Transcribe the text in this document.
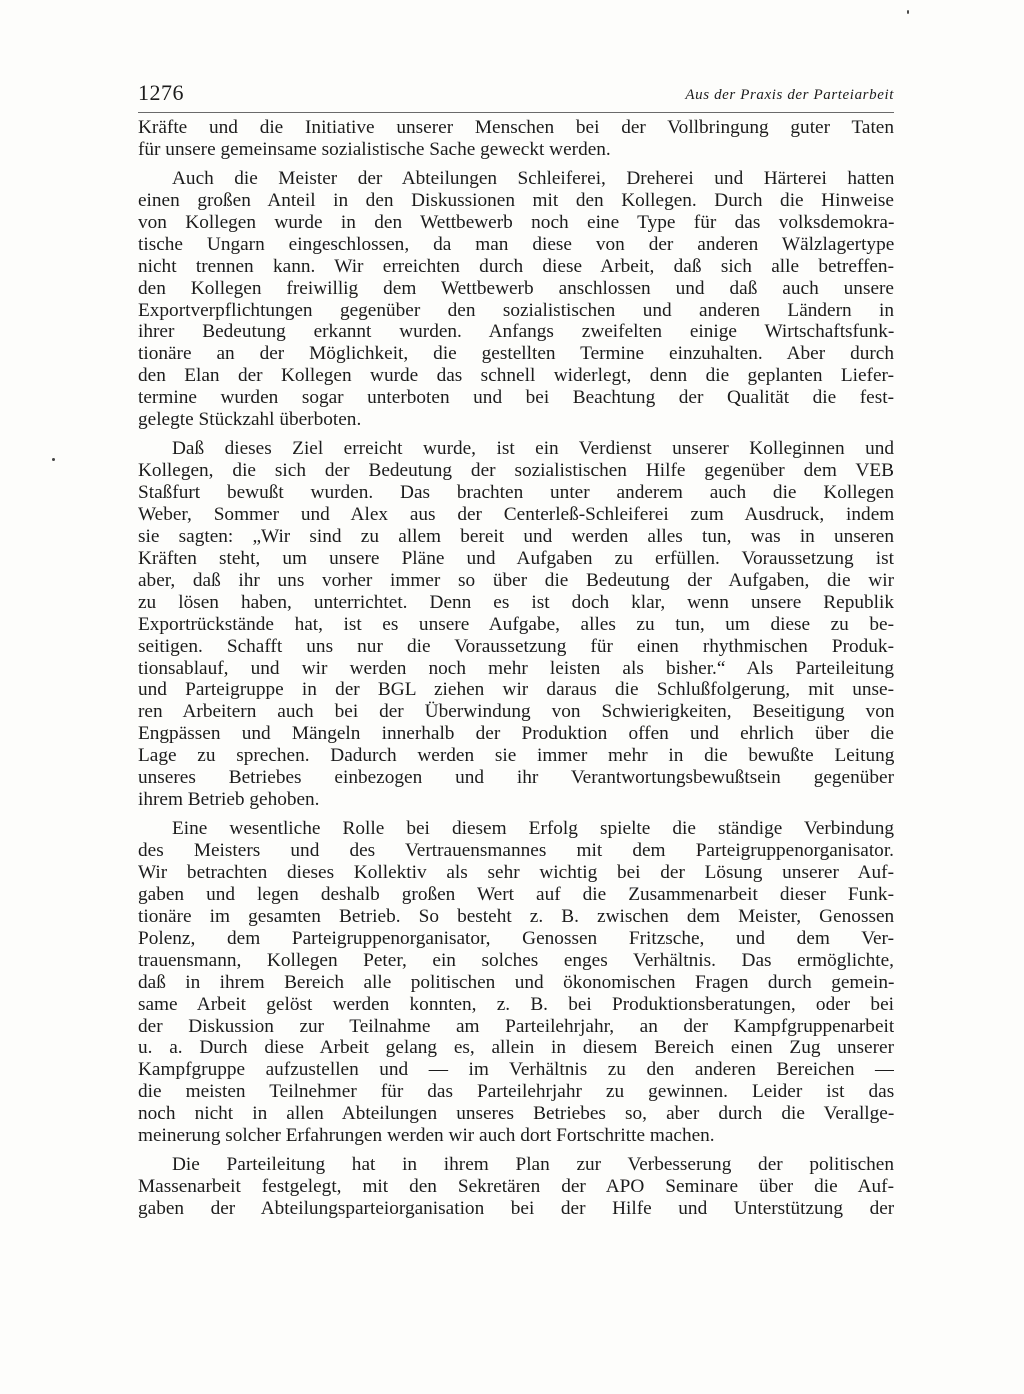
1276	Aus der Praxis der Parteiarbeit
Kräfte und die Initiative unserer Menschen bei der Vollbringung guter Taten
für unsere gemeinsame sozialistische Sache geweckt werden.
Auch die Meister der Abteilungen Schleiferei, Dreherei und Härterei hatten
einen großen Anteil in den Diskussionen mit den Kollegen. Durch die Hinweise
von Kollegen wurde in den Wettbewerb noch eine Type für das volksdemokra-
tische Ungarn eingeschlossen, da man diese von der anderen Wälzlagertype
nicht trennen kann. Wir erreichten durch diese Arbeit, daß sich alle betreffen-
den Kollegen freiwillig dem Wettbewerb anschlossen und daß auch unsere
Exportverpflichtungen gegenüber den sozialistischen und anderen Ländern in
ihrer Bedeutung erkannt wurden. Anfangs zweifelten einige Wirtschaftsfunk-
tionäre an der Möglichkeit, die gestellten Termine einzuhalten. Aber durch
den Elan der Kollegen wurde das schnell widerlegt, denn die geplanten Liefer-
termine wurden sogar unterboten und bei Beachtung der Qualität die fest-
gelegte Stückzahl überboten.
Daß dieses Ziel erreicht wurde, ist ein Verdienst unserer Kolleginnen und
Kollegen, die sich der Bedeutung der sozialistischen Hilfe gegenüber dem VEB
Staßfurt bewußt wurden. Das brachten unter anderem auch die Kollegen
Weber, Sommer und Alex aus der Centerleß-Schleiferei zum Ausdruck, indem
sie sagten: „Wir sind zu allem bereit und werden alles tun, was in unseren
Kräften steht, um unsere Pläne und Aufgaben zu erfüllen. Voraussetzung ist
aber, daß ihr uns vorher immer so über die Bedeutung der Aufgaben, die wir
zu lösen haben, unterrichtet. Denn es ist doch klar, wenn unsere Republik
Exportrückstände hat, ist es unsere Aufgabe, alles zu tun, um diese zu be-
seitigen. Schafft uns nur die Voraussetzung für einen rhythmischen Produk-
tionsablauf, und wir werden noch mehr leisten als bisher.“ Als Parteileitung
und Parteigruppe in der BGL ziehen wir daraus die Schlußfolgerung, mit unse-
ren Arbeitern auch bei der Überwindung von Schwierigkeiten, Beseitigung von
Engpässen und Mängeln innerhalb der Produktion offen und ehrlich über die
Lage zu sprechen. Dadurch werden sie immer mehr in die bewußte Leitung
unseres Betriebes einbezogen und ihr Verantwortungsbewußtsein gegenüber
ihrem Betrieb gehoben.
Eine wesentliche Rolle bei diesem Erfolg spielte die ständige Verbindung
des Meisters und des Vertrauensmannes mit dem Parteigruppenorganisator.
Wir betrachten dieses Kollektiv als sehr wichtig bei der Lösung unserer Auf-
gaben und legen deshalb großen Wert auf die Zusammenarbeit dieser Funk-
tionäre im gesamten Betrieb. So besteht z. B. zwischen dem Meister, Genossen
Polenz, dem Parteigruppenorganisator, Genossen Fritzsche, und dem Ver-
trauensmann, Kollegen Peter, ein solches enges Verhältnis. Das ermöglichte,
daß in ihrem Bereich alle politischen und ökonomischen Fragen durch gemein-
same Arbeit gelöst werden konnten, z. B. bei Produktionsberatungen, oder bei
der Diskussion zur Teilnahme am Parteilehrjahr, an der Kampfgruppenarbeit
u. a. Durch diese Arbeit gelang es, allein in diesem Bereich einen Zug unserer
Kampfgruppe aufzustellen und — im Verhältnis zu den anderen Bereichen —
die meisten Teilnehmer für das Parteilehrjahr zu gewinnen. Leider ist das
noch nicht in allen Abteilungen unseres Betriebes so, aber durch die Verallge-
meinerung solcher Erfahrungen werden wir auch dort Fortschritte machen.
Die Parteileitung hat in ihrem Plan zur Verbesserung der politischen
Massenarbeit festgelegt, mit den Sekretären der APO Seminare über die Auf-
gaben der Abteilungsparteiorganisation bei der Hilfe und Unterstützung der
